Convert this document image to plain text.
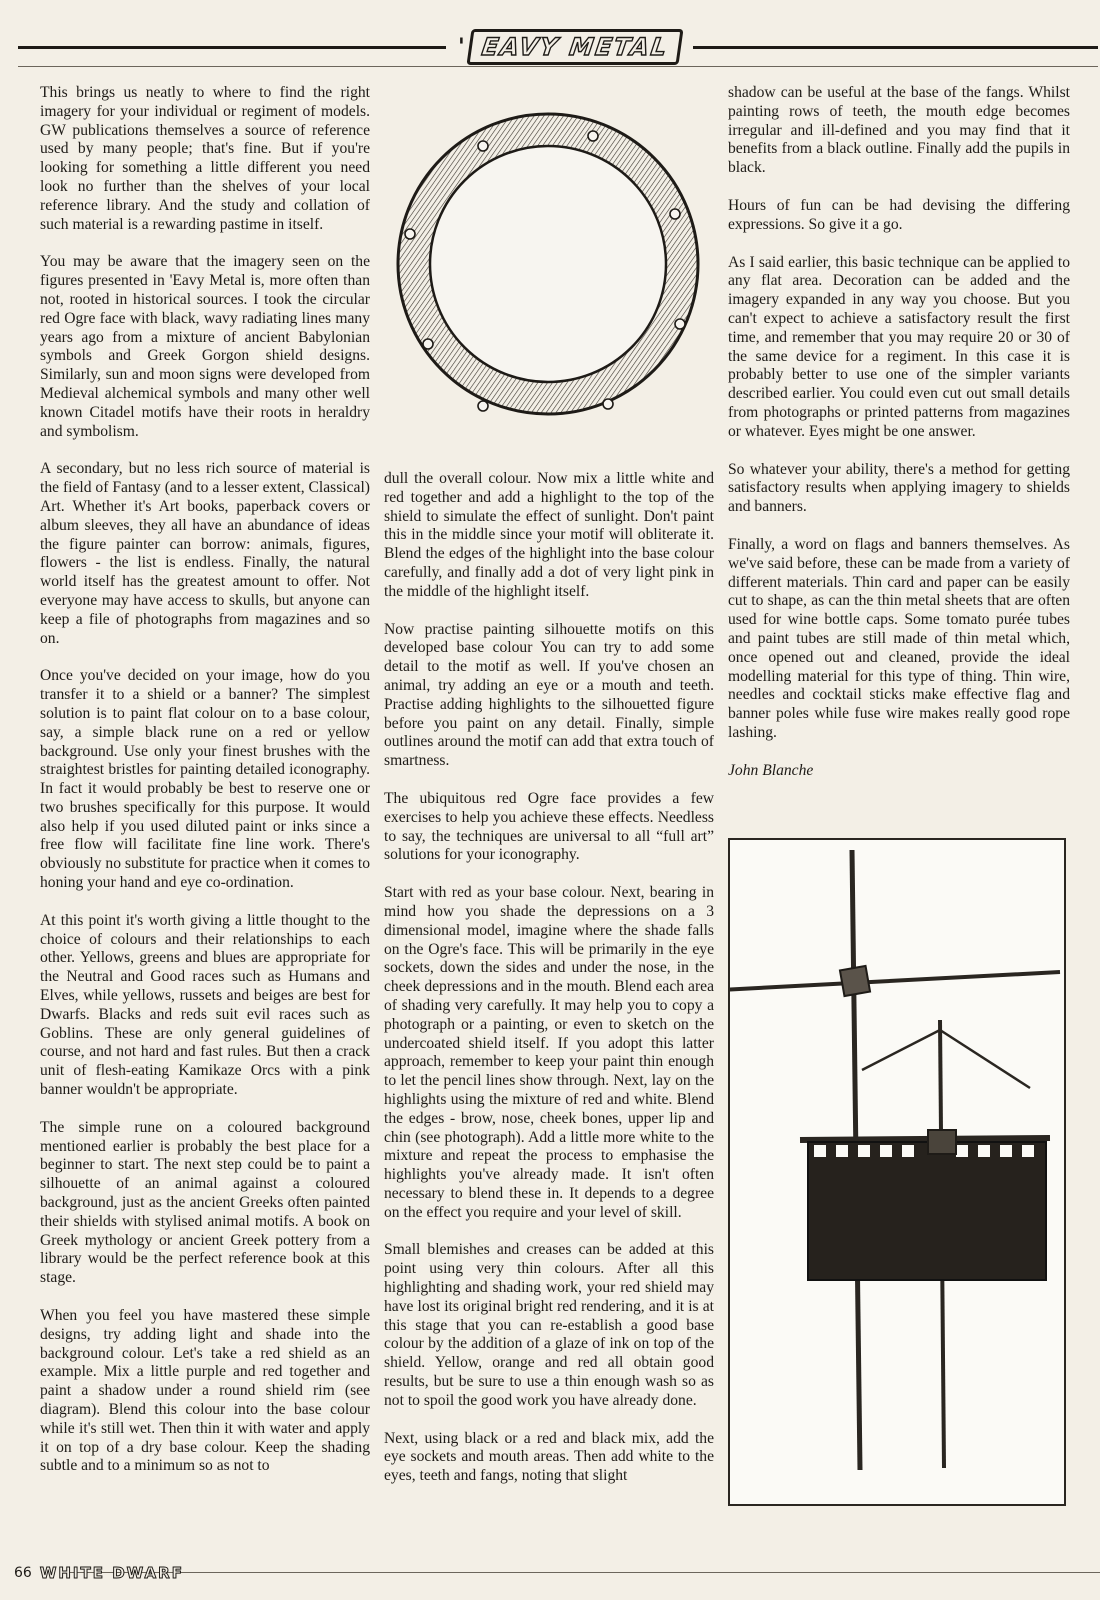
' EAVY METAL

This brings us neatly to where to find the right imagery for your individual or regiment of models. GW publications themselves a source of reference used by many people; that's fine. But if you're looking for something a little different you need look no further than the shelves of your local reference library. And the study and collation of such material is a rewarding pastime in itself.

You may be aware that the imagery seen on the figures presented in 'Eavy Metal is, more often than not, rooted in historical sources. I took the circular red Ogre face with black, wavy radiating lines many years ago from a mixture of ancient Babylonian symbols and Greek Gorgon shield designs. Similarly, sun and moon signs were developed from Medieval alchemical symbols and many other well known Citadel motifs have their roots in heraldry and symbolism.

A secondary, but no less rich source of material is the field of Fantasy (and to a lesser extent, Classical) Art. Whether it's Art books, paperback covers or album sleeves, they all have an abundance of ideas the figure painter can borrow: animals, figures, flowers - the list is endless. Finally, the natural world itself has the greatest amount to offer. Not everyone may have access to skulls, but anyone can keep a file of photographs from magazines and so on.

Once you've decided on your image, how do you transfer it to a shield or a banner? The simplest solution is to paint flat colour on to a base colour, say, a simple black rune on a red or yellow background. Use only your finest brushes with the straightest bristles for painting detailed iconography. In fact it would probably be best to reserve one or two brushes specifically for this purpose. It would also help if you used diluted paint or inks since a free flow will facilitate fine line work. There's obviously no substitute for practice when it comes to honing your hand and eye co-ordination.

At this point it's worth giving a little thought to the choice of colours and their relationships to each other. Yellows, greens and blues are appropriate for the Neutral and Good races such as Humans and Elves, while yellows, russets and beiges are best for Dwarfs. Blacks and reds suit evil races such as Goblins. These are only general guidelines of course, and not hard and fast rules. But then a crack unit of flesh-eating Kamikaze Orcs with a pink banner wouldn't be appropriate.

The simple rune on a coloured background mentioned earlier is probably the best place for a beginner to start. The next step could be to paint a silhouette of an animal against a coloured background, just as the ancient Greeks often painted their shields with stylised animal motifs. A book on Greek mythology or ancient Greek pottery from a library would be the perfect reference book at this stage.

When you feel you have mastered these simple designs, try adding light and shade into the background colour. Let's take a red shield as an example. Mix a little purple and red together and paint a shadow under a round shield rim (see diagram). Blend this colour into the base colour while it's still wet. Then thin it with water and apply it on top of a dry base colour. Keep the shading subtle and to a minimum so as not to

dull the overall colour. Now mix a little white and red together and add a highlight to the top of the shield to simulate the effect of sunlight. Don't paint this in the middle since your motif will obliterate it. Blend the edges of the highlight into the base colour carefully, and finally add a dot of very light pink in the middle of the highlight itself.

Now practise painting silhouette motifs on this developed base colour You can try to add some detail to the motif as well. If you've chosen an animal, try adding an eye or a mouth and teeth. Practise adding highlights to the silhouetted figure before you paint on any detail. Finally, simple outlines around the motif can add that extra touch of smartness.

The ubiquitous red Ogre face provides a few exercises to help you achieve these effects. Needless to say, the techniques are universal to all “full art” solutions for your iconography.

Start with red as your base colour. Next, bearing in mind how you shade the depressions on a 3 dimensional model, imagine where the shade falls on the Ogre's face. This will be primarily in the eye sockets, down the sides and under the nose, in the cheek depressions and in the mouth. Blend each area of shading very carefully. It may help you to copy a photograph or a painting, or even to sketch on the undercoated shield itself. If you adopt this latter approach, remember to keep your paint thin enough to let the pencil lines show through. Next, lay on the highlights using the mixture of red and white. Blend the edges - brow, nose, cheek bones, upper lip and chin (see photograph). Add a little more white to the mixture and repeat the process to emphasise the highlights you've already made. It isn't often necessary to blend these in. It depends to a degree on the effect you require and your level of skill.

Small blemishes and creases can be added at this point using very thin colours. After all this highlighting and shading work, your red shield may have lost its original bright red rendering, and it is at this stage that you can re-establish a good base colour by the addition of a glaze of ink on top of the shield. Yellow, orange and red all obtain good results, but be sure to use a thin enough wash so as not to spoil the good work you have already done.

Next, using black or a red and black mix, add the eye sockets and mouth areas. Then add white to the eyes, teeth and fangs, noting that slight

shadow can be useful at the base of the fangs. Whilst painting rows of teeth, the mouth edge becomes irregular and ill-defined and you may find that it benefits from a black outline. Finally add the pupils in black.

Hours of fun can be had devising the differing expressions. So give it a go.

As I said earlier, this basic technique can be applied to any flat area. Decoration can be added and the imagery expanded in any way you choose. But you can't expect to achieve a satisfactory result the first time, and remember that you may require 20 or 30 of the same device for a regiment. In this case it is probably better to use one of the simpler variants described earlier. You could even cut out small details from photographs or printed patterns from magazines or whatever. Eyes might be one answer.

So whatever your ability, there's a method for getting satisfactory results when applying imagery to shields and banners.

Finally, a word on flags and banners themselves. As we've said before, these can be made from a variety of different materials. Thin card and paper can be easily cut to shape, as can the thin metal sheets that are often used for wine bottle caps. Some tomato purée tubes and paint tubes are still made of thin metal which, once opened out and cleaned, provide the ideal modelling material for this type of thing. Thin wire, needles and cocktail sticks make effective flag and banner poles while fuse wire makes really good rope lashing.

John Blanche

66 WHITE DWARF
